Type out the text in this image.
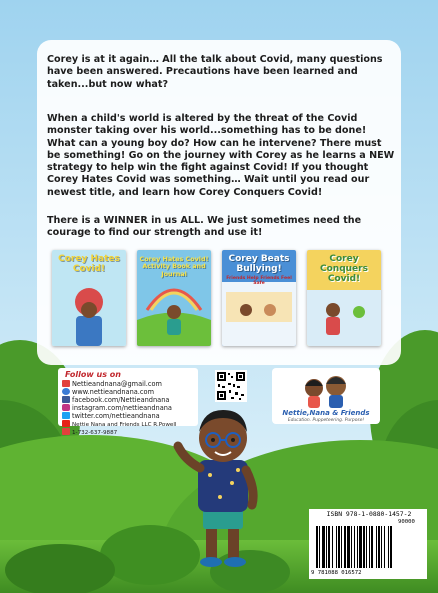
Corey is at it again… All the talk about Covid, many questions have been answered. Precautions have been learned and taken...but now what?

When a child's world is altered by the threat of the Covid monster taking over his world...something has to be done! What can a young boy do? How can he intervene? There must be something! Go on the journey with Corey as he learns a NEW strategy to help win the fight against Covid! If you thought Corey Hates Covid was something… Wait until you read our newest title, and learn how Corey Conquers Covid!

There is a WINNER in us ALL. We just sometimes need the courage to find our strength and use it!

Corey Hates Covid!
Corey Hates Covid! Activity Book and Journal
Corey Beats Bullying!
Friends Help Friends Feel Safe
Corey Conquers Covid!
Follow us on
Nettieandnana@gmail.com
www.nettieandnana.com
facebook.com/Nettieandnana
instagram.com/nettieandnana
twitter.com/nettieandnana
Nettie Nana and Friends LLC R.Powell
1-732-637-9887
Nettie,Nana & Friends
Education. Puppeteering. Purpose!
ISBN 978-1-0880-1457-2
90000
9 781088 016572
